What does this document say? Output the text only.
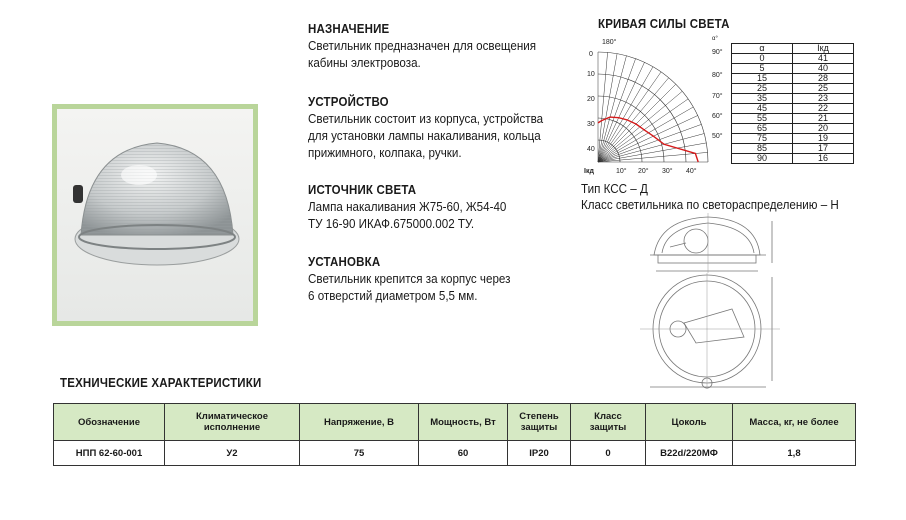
НАЗНАЧЕНИЕ
Светильник предназначен для освещения
кабины электровоза.
УСТРОЙСТВО
Светильник состоит из корпуса, устройства
для установки лампы накаливания, кольца
прижимного, колпака, ручки.
ИСТОЧНИК СВЕТА
Лампа накаливания Ж75-60, Ж54-40
ТУ 16-90 ИКАФ.675000.002 ТУ.
УСТАНОВКА
Светильник крепится за корпус через
6 отверстий диаметром 5,5 мм.
КРИВАЯ СИЛЫ СВЕТА
180°	α°
90°
80°
70°
60°
50°
0
10
20
30
40
10° 20° 30° 40°
Iкд
α	Iкд
0	41
5	40
15	28
25	25
35	23
45	22
55	21
65	20
75	19
85	17
90	16
Тип КСС – Д
Класс светильника по светораспределению – Н
ТЕХНИЧЕСКИЕ ХАРАКТЕРИСТИКИ
Обозначение	Климатическое исполнение	Напряжение, В	Мощность, Вт	Степень защиты	Класс защиты	Цоколь	Масса, кг, не более
НПП 62-60-001	У2	75	60	IP20	0	B22d/220МФ	1,8
